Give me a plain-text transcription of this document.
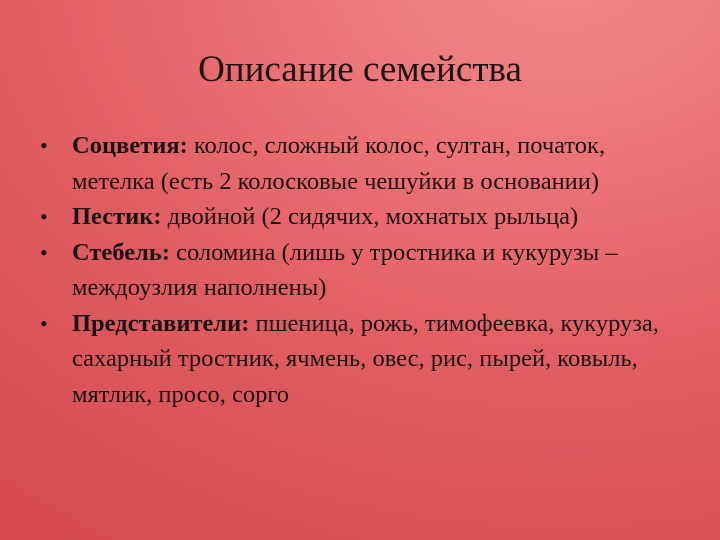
Описание семейства
• Соцветия: колос, сложный колос, султан, початок, метелка (есть 2 колосковые чешуйки в основании)
• Пестик: двойной (2 сидячих, мохнатых рыльца)
• Стебель: соломина (лишь у тростника и кукурузы – междоузлия наполнены)
• Представители: пшеница, рожь, тимофеевка, кукуруза, сахарный тростник, ячмень, овес, рис, пырей, ковыль, мятлик, просо, сорго
